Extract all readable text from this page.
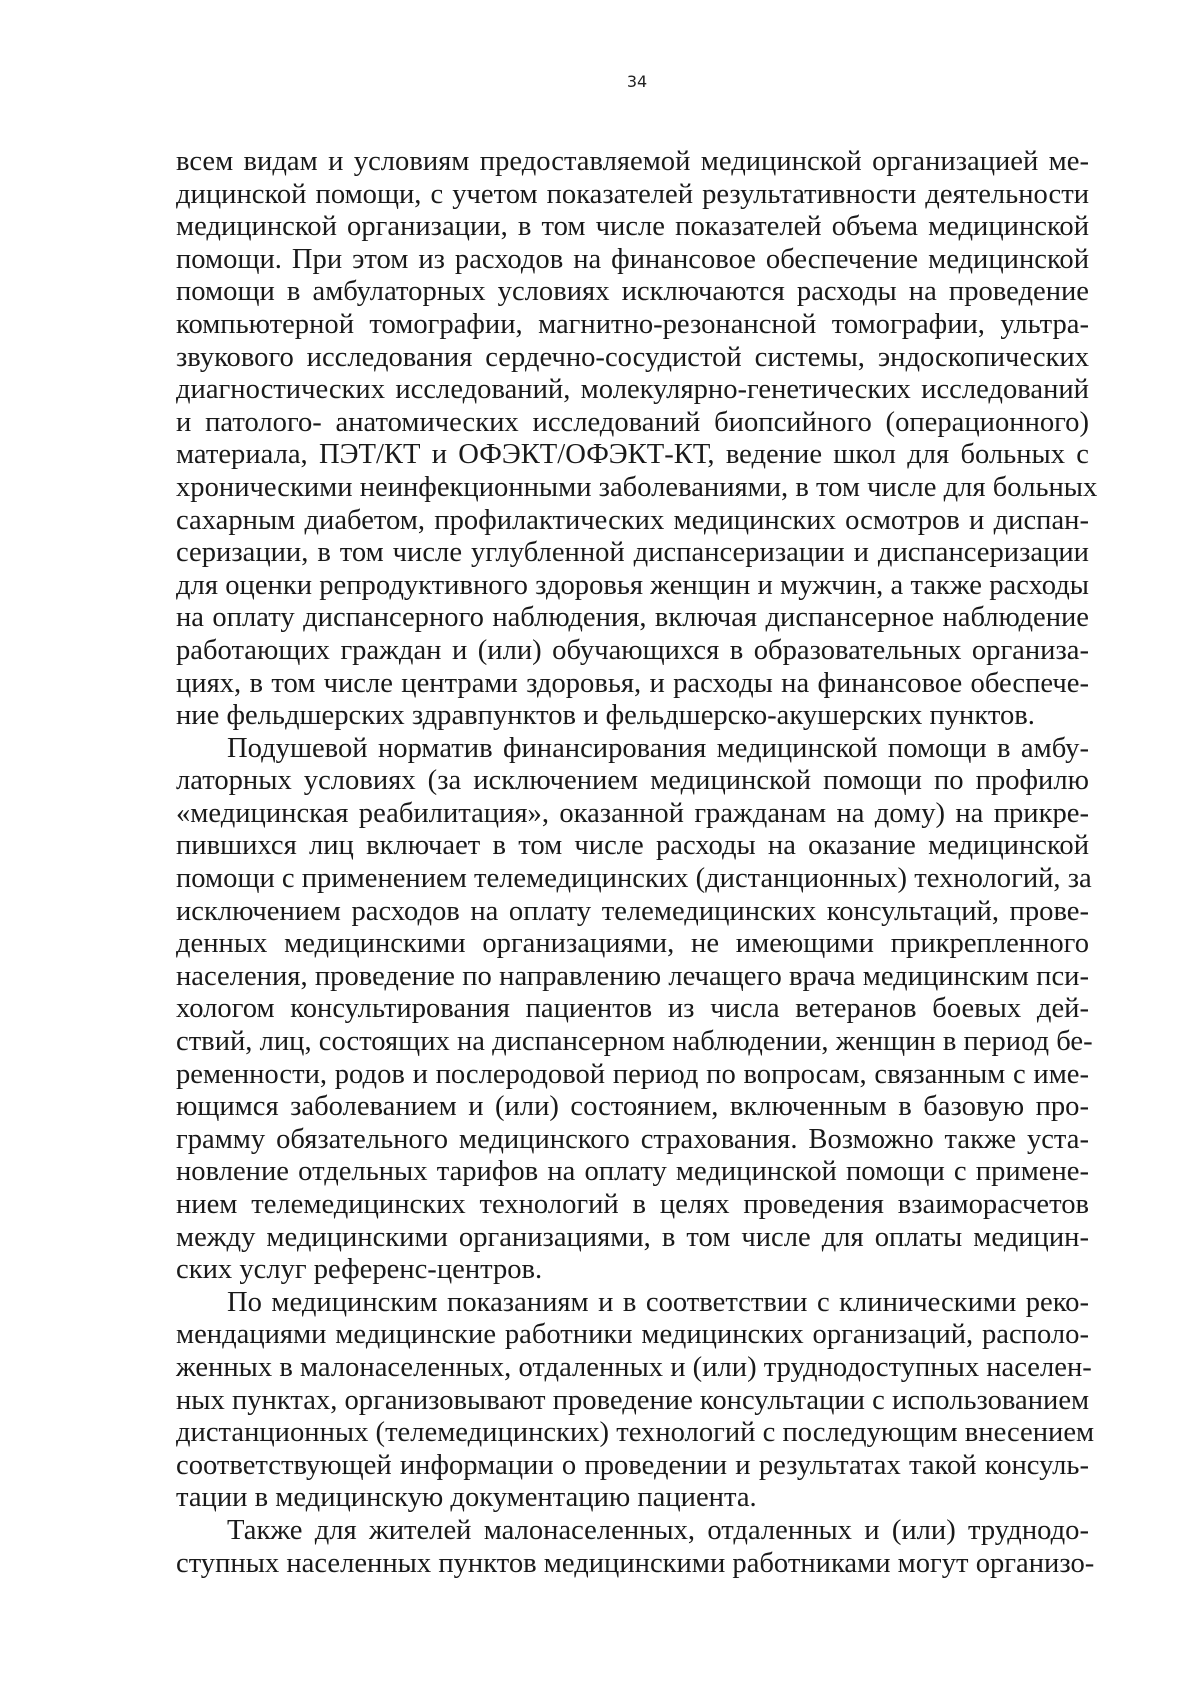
34
всем видам и условиям предоставляемой медицинской организацией ме-
дицинской помощи, с учетом показателей результативности деятельности
медицинской организации, в том числе показателей объема медицинской
помощи. При этом из расходов на финансовое обеспечение медицинской
помощи в амбулаторных условиях исключаются расходы на проведение
компьютерной томографии, магнитно-резонансной томографии, ультра-
звукового исследования сердечно-сосудистой системы, эндоскопических
диагностических исследований, молекулярно-генетических исследований
и патолого- анатомических исследований биопсийного (операционного)
материала, ПЭТ/КТ и ОФЭКТ/ОФЭКТ-КТ, ведение школ для больных с
хроническими неинфекционными заболеваниями, в том числе для больных
сахарным диабетом, профилактических медицинских осмотров и диспан-
серизации, в том числе углубленной диспансеризации и диспансеризации
для оценки репродуктивного здоровья женщин и мужчин, а также расходы
на оплату диспансерного наблюдения, включая диспансерное наблюдение
работающих граждан и (или) обучающихся в образовательных организа-
циях, в том числе центрами здоровья, и расходы на финансовое обеспече-
ние фельдшерских здравпунктов и фельдшерско-акушерских пунктов.
Подушевой норматив финансирования медицинской помощи в амбу-
латорных условиях (за исключением медицинской помощи по профилю
«медицинская реабилитация», оказанной гражданам на дому) на прикре-
пившихся лиц включает в том числе расходы на оказание медицинской
помощи с применением телемедицинских (дистанционных) технологий, за
исключением расходов на оплату телемедицинских консультаций, прове-
денных медицинскими организациями, не имеющими прикрепленного
населения, проведение по направлению лечащего врача медицинским пси-
хологом консультирования пациентов из числа ветеранов боевых дей-
ствий, лиц, состоящих на диспансерном наблюдении, женщин в период бе-
ременности, родов и послеродовой период по вопросам, связанным с име-
ющимся заболеванием и (или) состоянием, включенным в базовую про-
грамму обязательного медицинского страхования. Возможно также уста-
новление отдельных тарифов на оплату медицинской помощи с примене-
нием телемедицинских технологий в целях проведения взаиморасчетов
между медицинскими организациями, в том числе для оплаты медицин-
ских услуг референс-центров.
По медицинским показаниям и в соответствии с клиническими реко-
мендациями медицинские работники медицинских организаций, располо-
женных в малонаселенных, отдаленных и (или) труднодоступных населен-
ных пунктах, организовывают проведение консультации с использованием
дистанционных (телемедицинских) технологий с последующим внесением
соответствующей информации о проведении и результатах такой консуль-
тации в медицинскую документацию пациента.
Также для жителей малонаселенных, отдаленных и (или) труднодо-
ступных населенных пунктов медицинскими работниками могут организо-
